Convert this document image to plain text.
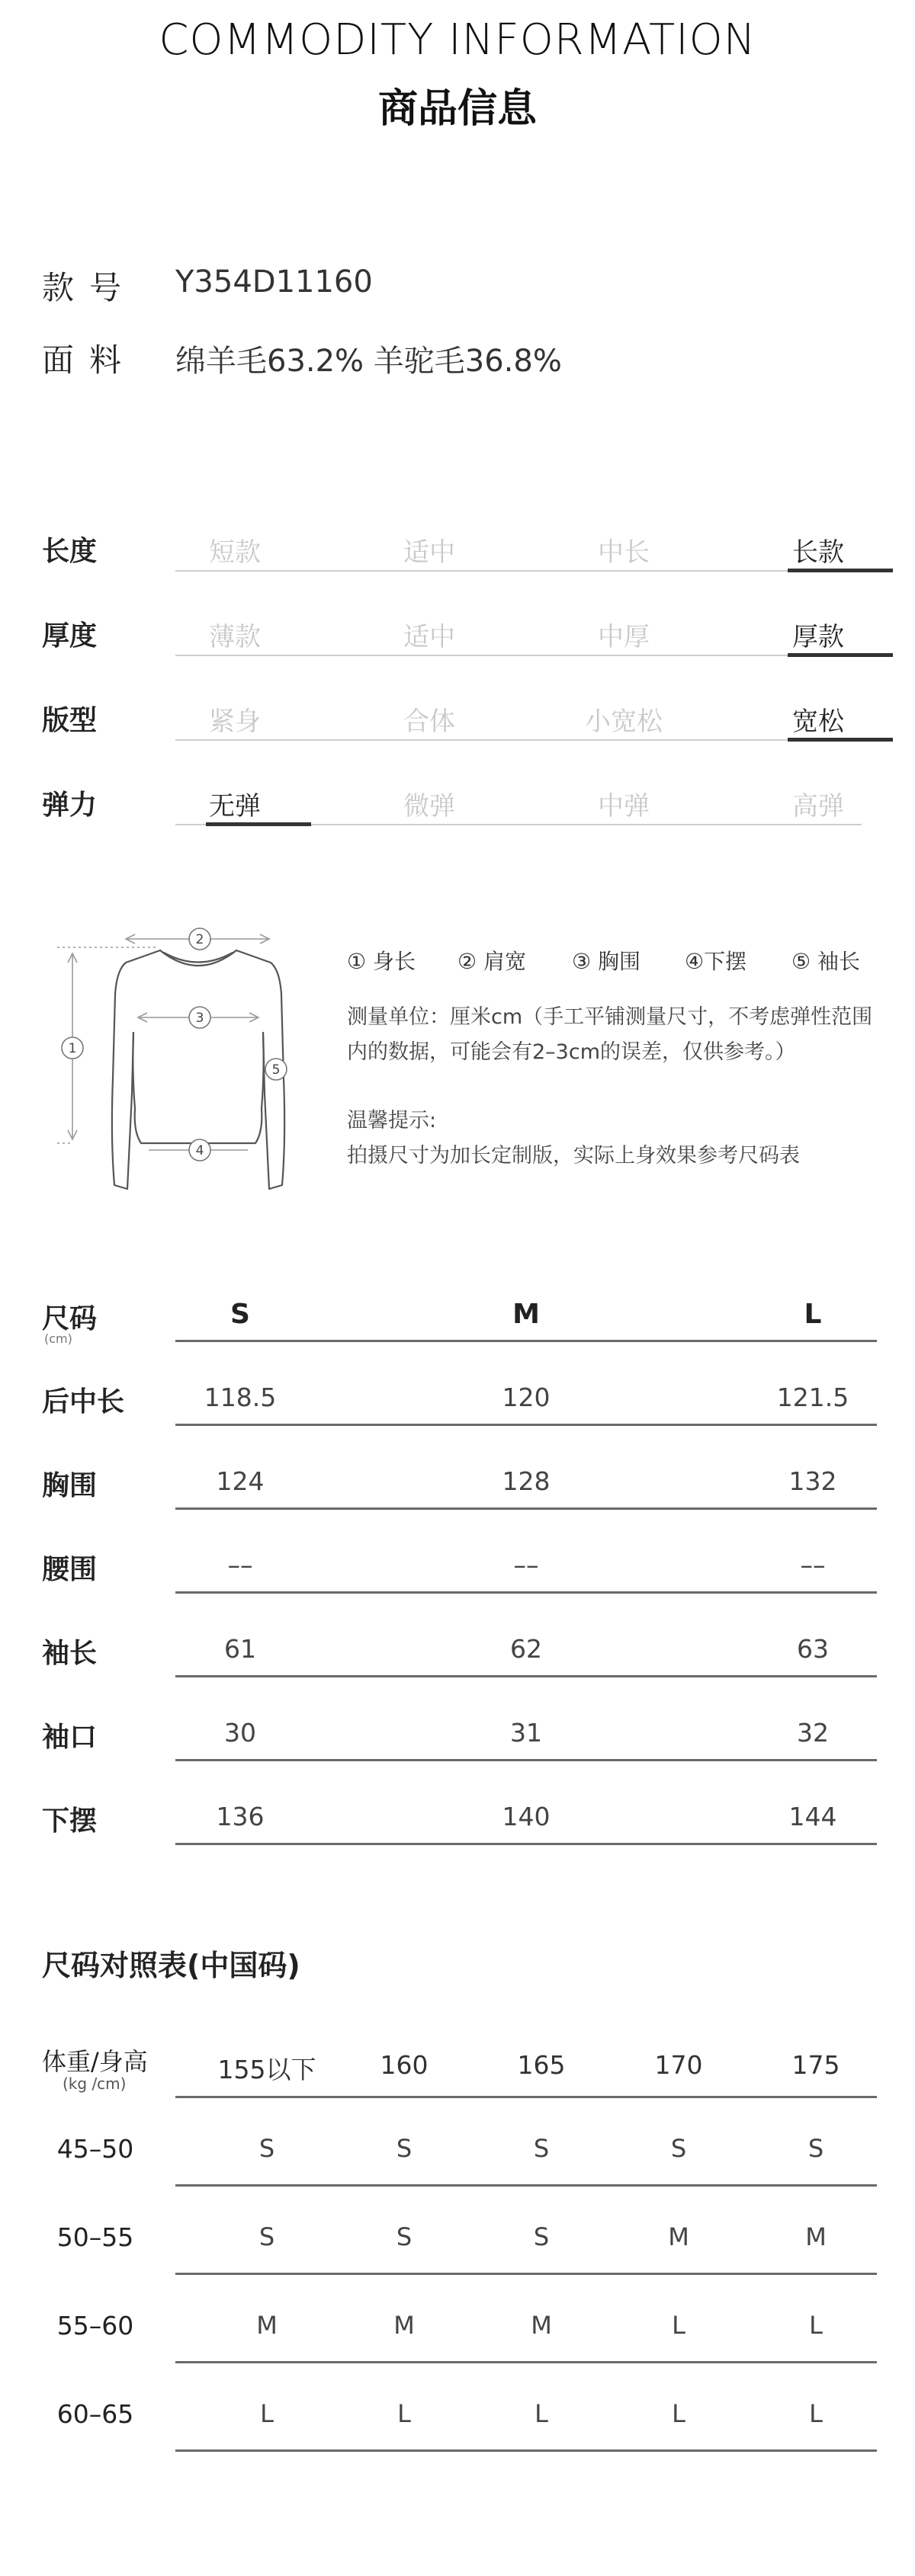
COMMODITY INFORMATION
商品信息
款号 Y354D11160
面料 绵羊毛63.2% 羊驼毛36.8%
长度	短款	适中	中长	长款
厚度	薄款	适中	中厚	厚款
版型	紧身	合体	小宽松	宽松
弹力	无弹	微弹	中弹	高弹
1
2
3
4
5
① 身长 ② 肩宽 ③ 胸围 ④下摆 ⑤ 袖长
测量单位：厘米cm（手工平铺测量尺寸，不考虑弹性范围内的数据，可能会有2–3cm的误差，仅供参考。）
温馨提示:
拍摄尺寸为加长定制版，实际上身效果参考尺码表
尺码
(cm)
S	M	L
后中长	118.5	120	121.5
胸围	124	128	132
腰围	––	––	––
袖长	61	62	63
袖口	30	31	32
下摆	136	140	144
尺码对照表(中国码)
体重/身高
(kg /cm)	155以下	160	165	170	175
45–50	S	S	S	S	S
50–55	S	S	S	M	M
55–60	M	M	M	L	L
60–65	L	L	L	L	L
